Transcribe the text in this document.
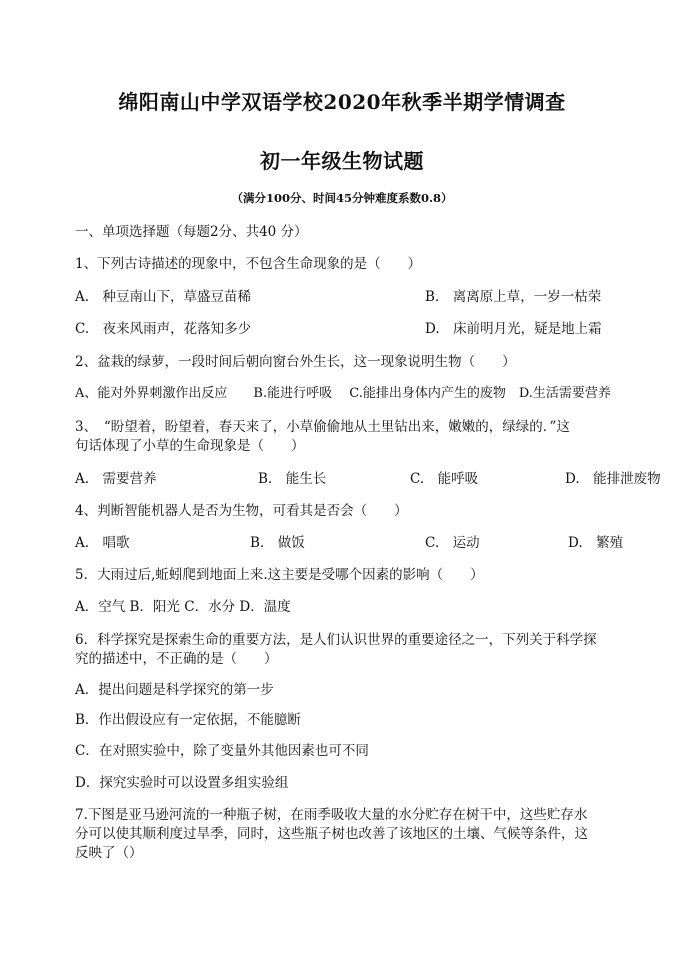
绵阳南山中学双语学校2020年秋季半期学情调查
初一年级生物试题
（满分100分、时间45分钟难度系数0.8）
一、单项选择题（每题2分、共40 分）
1、下列古诗描述的现象中，不包含生命现象的是（　　）
A.　种豆南山下，草盛豆苗稀	B.　离离原上草，一岁一枯荣
C.　夜来风雨声，花落知多少	D.　床前明月光，疑是地上霜
2、盆栽的绿萝，一段时间后朝向窗台外生长，这一现象说明生物（　　）
A、能对外界刺激作出反应　　B.能进行呼吸　 C.能排出身体内产生的废物　D.生活需要营养
3、　“盼望着，盼望着，春天来了，小草偷偷地从土里钻出来，嫩嫩的，绿绿的．”这
句话体现了小草的生命现象是（　　）
A.　需要营养	B.　能生长	C.　能呼吸	D.　能排泄废物
4、判断智能机器人是否为生物，可看其是否会（　　）
A.　唱歌	B.　做饭	C.　运动	D.　繁殖
5．大雨过后,蚯蚓爬到地面上来.这主要是受哪个因素的影响（　　）
A．空气 B．阳光 C．水分 D．温度
6．科学探究是探索生命的重要方法，是人们认识世界的重要途径之一，下列关于科学探
究的描述中，不正确的是（　　）
A．提出问题是科学探究的第一步
B．作出假设应有一定依据，不能臆断
C．在对照实验中，除了变量外其他因素也可不同
D．探究实验时可以设置多组实验组
7.下图是亚马逊河流的一种瓶子树，在雨季吸收大量的水分贮存在树干中，这些贮存水
分可以使其顺利度过旱季，同时，这些瓶子树也改善了该地区的土壤、气候等条件，这
反映了（）
